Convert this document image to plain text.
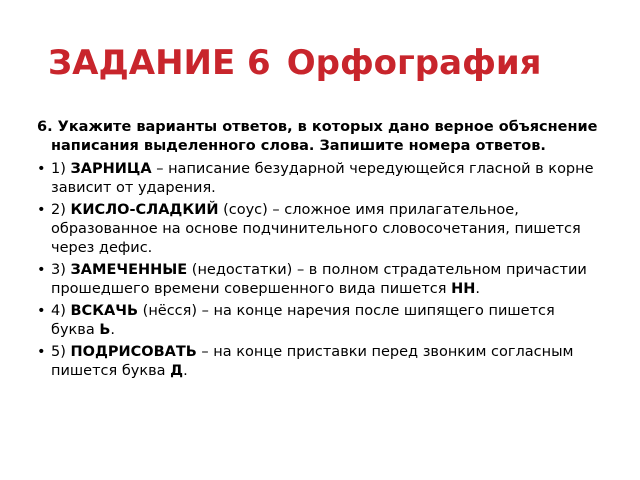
ЗАДАНИЕ 6 Орфография

6. Укажите варианты ответов, в которых дано верное объяснение написания выделенного слова. Запишите номера ответов.

• 1) ЗАРНИЦА – написание безударной чередующейся гласной в корне зависит от ударения.
• 2) КИСЛО-СЛАДКИЙ (соус) – сложное имя прилагательное, образованное на основе подчинительного словосочетания, пишется через дефис.
• 3) ЗАМЕЧЕННЫЕ (недостатки) – в полном страдательном причастии прошедшего времени совершенного вида пишется НН.
• 4) ВСКАЧЬ (нёсся) – на конце наречия после шипящего пишется буква Ь.
• 5) ПОДРИСОВАТЬ – на конце приставки перед звонким согласным пишется буква Д.
